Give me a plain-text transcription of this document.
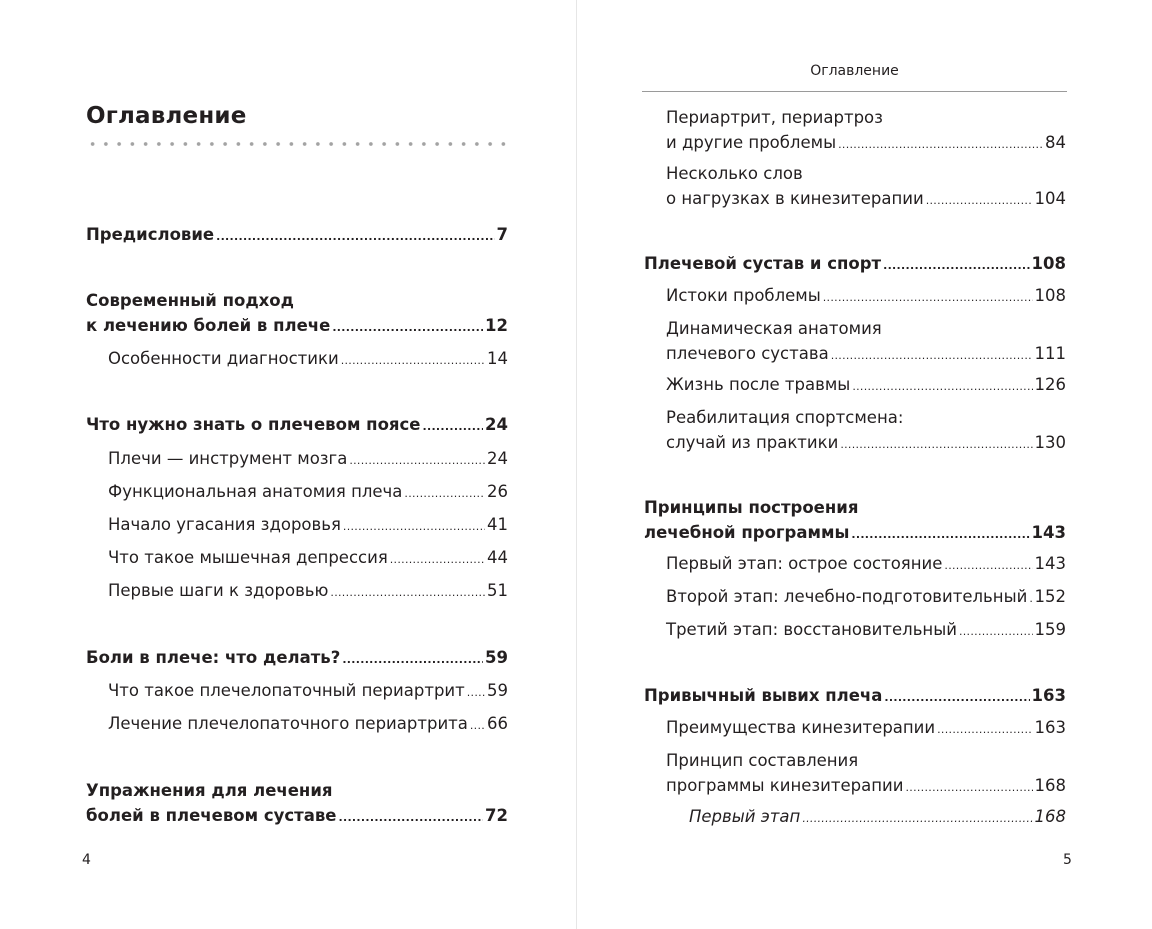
Оглавление
Предисловие .....	7
Современный подход
к лечению болей в плече .....	12
Особенности диагностики .....	14
Что нужно знать о плечевом поясе .....	24
Плечи — инструмент мозга .....	24
Функциональная анатомия плеча .....	26
Начало угасания здоровья .....	41
Что такое мышечная депрессия .....	44
Первые шаги к здоровью .....	51
Боли в плече: что делать? .....	59
Что такое плечелопаточный периартрит ..... 59
Лечение плечелопаточного периартрита ..... 66
Упражнения для лечения
болей в плечевом суставе .....	72
4
Оглавление
Периартрит, периартроз
и другие проблемы .....	84
Несколько слов
о нагрузках в кинезитерапии .....	104
Плечевой сустав и спорт .....	108
Истоки проблемы .....	108
Динамическая анатомия
плечевого сустава .....	111
Жизнь после травмы .....	126
Реабилитация спортсмена:
случай из практики .....	130
Принципы построения
лечебной программы .....	143
Первый этап: острое состояние .....	143
Второй этап: лечебно-подготовительный ..... 152
Третий этап: восстановительный .....	159
Привычный вывих плеча .....	163
Преимущества кинезитерапии .....	163
Принцип составления
программы кинезитерапии .....	168
Первый этап .....	168
5
